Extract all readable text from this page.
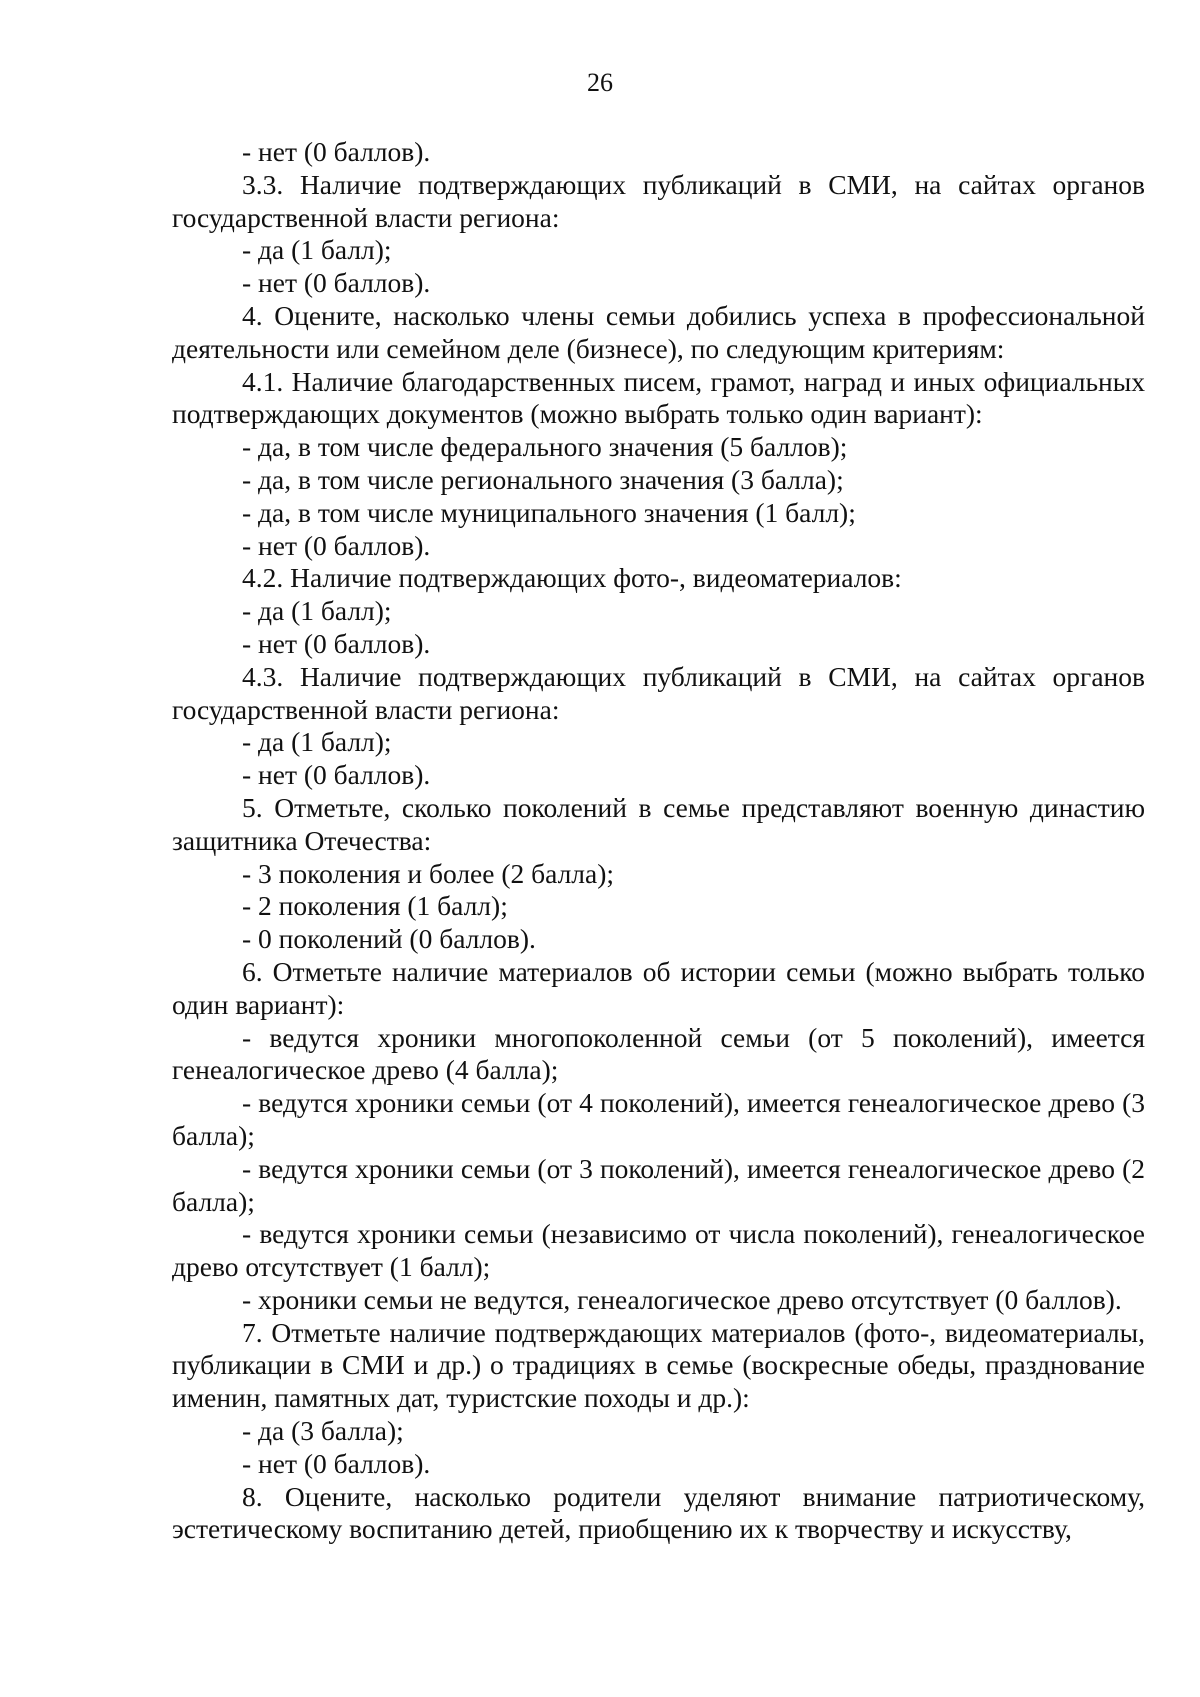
26

- нет (0 баллов).

3.3. Наличие подтверждающих публикаций в СМИ, на сайтах органов государственной власти региона:

- да (1 балл);

- нет (0 баллов).

4. Оцените, насколько члены семьи добились успеха в профессиональной деятельности или семейном деле (бизнесе), по следующим критериям:

4.1. Наличие благодарственных писем, грамот, наград и иных официальных подтверждающих документов (можно выбрать только один вариант):

- да, в том числе федерального значения (5 баллов);

- да, в том числе регионального значения (3 балла);

- да, в том числе муниципального значения (1 балл);

- нет (0 баллов).

4.2. Наличие подтверждающих фото-, видеоматериалов:

- да (1 балл);

- нет (0 баллов).

4.3. Наличие подтверждающих публикаций в СМИ, на сайтах органов государственной власти региона:

- да (1 балл);

- нет (0 баллов).

5. Отметьте, сколько поколений в семье представляют военную династию защитника Отечества:

- 3 поколения и более (2 балла);

- 2 поколения (1 балл);

- 0 поколений (0 баллов).

6. Отметьте наличие материалов об истории семьи (можно выбрать только один вариант):

- ведутся хроники многопоколенной семьи (от 5 поколений), имеется генеалогическое древо (4 балла);

- ведутся хроники семьи (от 4 поколений), имеется генеалогическое древо (3 балла);

- ведутся хроники семьи (от 3 поколений), имеется генеалогическое древо (2 балла);

- ведутся хроники семьи (независимо от числа поколений), генеалогическое древо отсутствует (1 балл);

- хроники семьи не ведутся, генеалогическое древо отсутствует (0 баллов).

7. Отметьте наличие подтверждающих материалов (фото-, видеоматериалы, публикации в СМИ и др.) о традициях в семье (воскресные обеды, празднование именин, памятных дат, туристские походы и др.):

- да (3 балла);

- нет (0 баллов).

8. Оцените, насколько родители уделяют внимание патриотическому, эстетическому воспитанию детей, приобщению их к творчеству и искусству,
